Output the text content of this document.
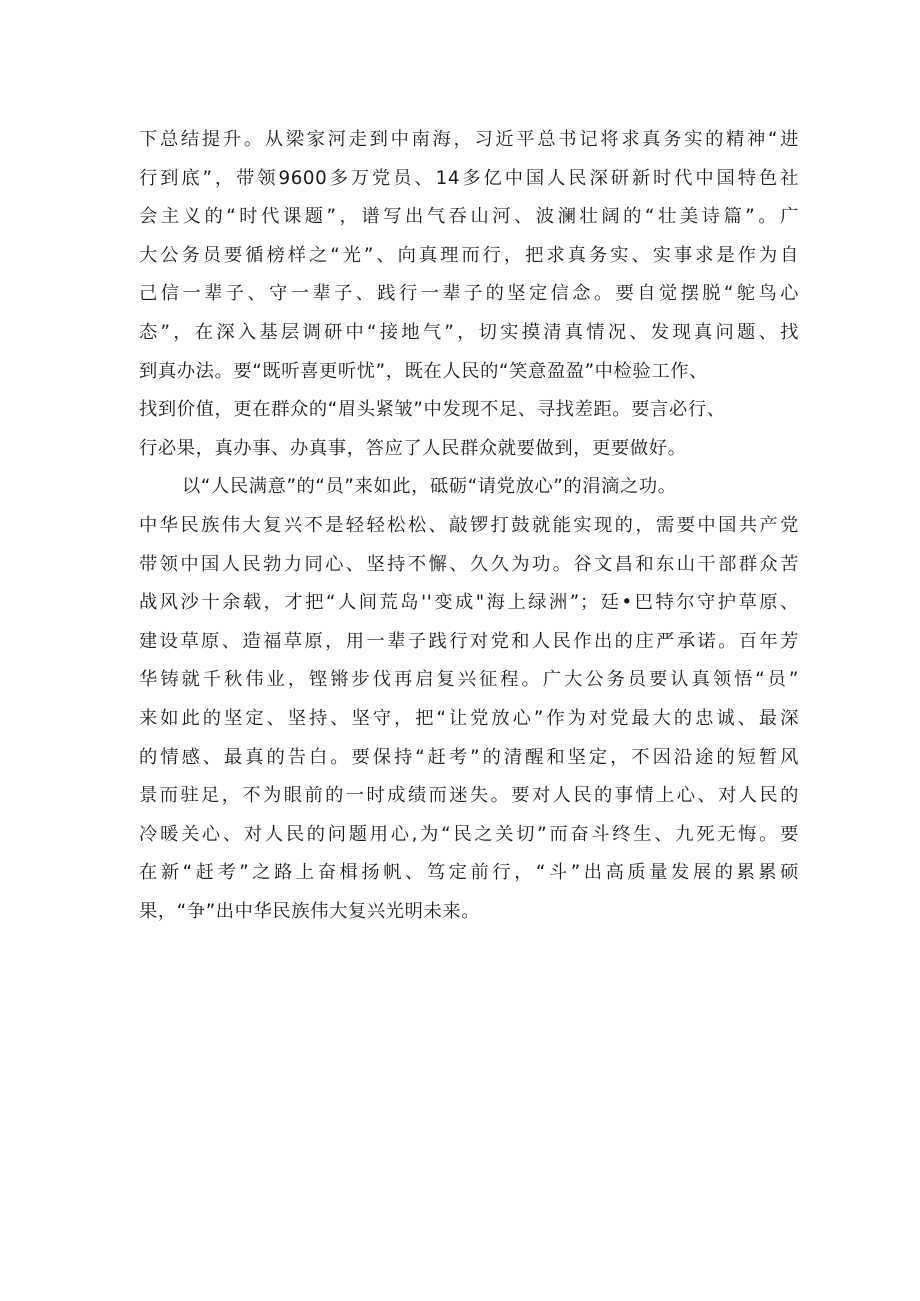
下总结提升。从梁家河走到中南海，习近平总书记将求真务实的精神“进
行到底”，带领9600多万党员、14多亿中国人民深研新时代中国特色社
会主义的“时代课题”，谱写出气吞山河、波澜壮阔的“壮美诗篇”。广
大公务员要循榜样之“光”、向真理而行，把求真务实、实事求是作为自
己信一辈子、守一辈子、践行一辈子的坚定信念。要自觉摆脱“鸵鸟心
态”，在深入基层调研中“接地气”，切实摸清真情况、发现真问题、找
到真办法。要“既听喜更听忧”，既在人民的“笑意盈盈”中检验工作、
找到价值，更在群众的“眉头紧皱”中发现不足、寻找差距。要言必行、
行必果，真办事、办真事，答应了人民群众就要做到，更要做好。
以“人民满意”的“员”来如此，砥砺“请党放心”的涓滴之功。
中华民族伟大复兴不是轻轻松松、敲锣打鼓就能实现的，需要中国共产党
带领中国人民勃力同心、坚持不懈、久久为功。谷文昌和东山干部群众苦
战风沙十余载，才把“人间荒岛''变成"海上绿洲”；廷•巴特尔守护草原、
建设草原、造福草原，用一辈子践行对党和人民作出的庄严承诺。百年芳
华铸就千秋伟业，铿锵步伐再启复兴征程。广大公务员要认真领悟“员”
来如此的坚定、坚持、坚守，把“让党放心”作为对党最大的忠诚、最深
的情感、最真的告白。要保持“赶考”的清醒和坚定，不因沿途的短暂风
景而驻足，不为眼前的一时成绩而迷失。要对人民的事情上心、对人民的
冷暖关心、对人民的问题用心,为“民之关切”而奋斗终生、九死无悔。要
在新“赶考”之路上奋楫扬帆、笃定前行，“斗”出高质量发展的累累硕
果，“争”出中华民族伟大复兴光明未来。
